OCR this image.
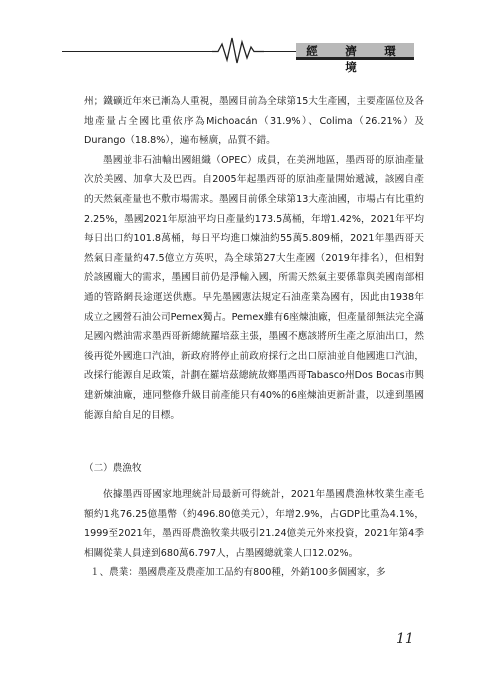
經　濟　環　境

州；鐵礦近年來已漸為人重視，墨國目前為全球第15大生產國，主要產區位及各地產量占全國比重依序為Michoacán（31.9%）、Colima（26.21%）及Durango（18.8%），遍布極廣，品質不錯。

墨國並非石油輸出國組織（OPEC）成員，在美洲地區，墨西哥的原油產量次於美國、加拿大及巴西。自2005年起墨西哥的原油產量開始遞減，該國自產的天然氣產量也不敷市場需求。墨國目前係全球第13大產油國，市場占有比重約2.25%，墨國2021年原油平均日產量約173.5萬桶，年增1.42%，2021年平均每日出口約101.8萬桶，每日平均進口煉油約55萬5.809桶，2021年墨西哥天然氣日產量約47.5億立方英呎，為全球第27大生產國（2019年排名），但相對於該國龐大的需求，墨國目前仍是淨輸入國，所需天然氣主要係靠與美國南部相通的管路網長途運送供應。早先墨國憲法規定石油產業為國有，因此由1938年成立之國營石油公司Pemex獨占。Pemex雖有6座煉油廠，但產量卻無法完全滿足國內燃油需求墨西哥新總統羅培茲主張，墨國不應該將所生產之原油出口，然後再從外國進口汽油，新政府將停止前政府採行之出口原油並自他國進口汽油，改採行能源自足政策，計劃在羅培茲總統故鄉墨西哥Tabasco州Dos Bocas市興建新煉油廠，連同整修升級目前產能只有40%的6座煉油更新計畫，以達到墨國能源自給自足的目標。

（二）農漁牧

依據墨西哥國家地理統計局最新可得統計，2021年墨國農漁林牧業生產毛額約1兆76.25億墨幣（約496.80億美元），年增2.9%，占GDP比重為4.1%，1999至2021年，墨西哥農漁牧業共吸引21.24億美元外來投資，2021年第4季相關從業人員達到680萬6.797人，占墨國總就業人口12.02%。

１、農業：墨國農產及農產加工品約有800種，外銷100多個國家，多

11
